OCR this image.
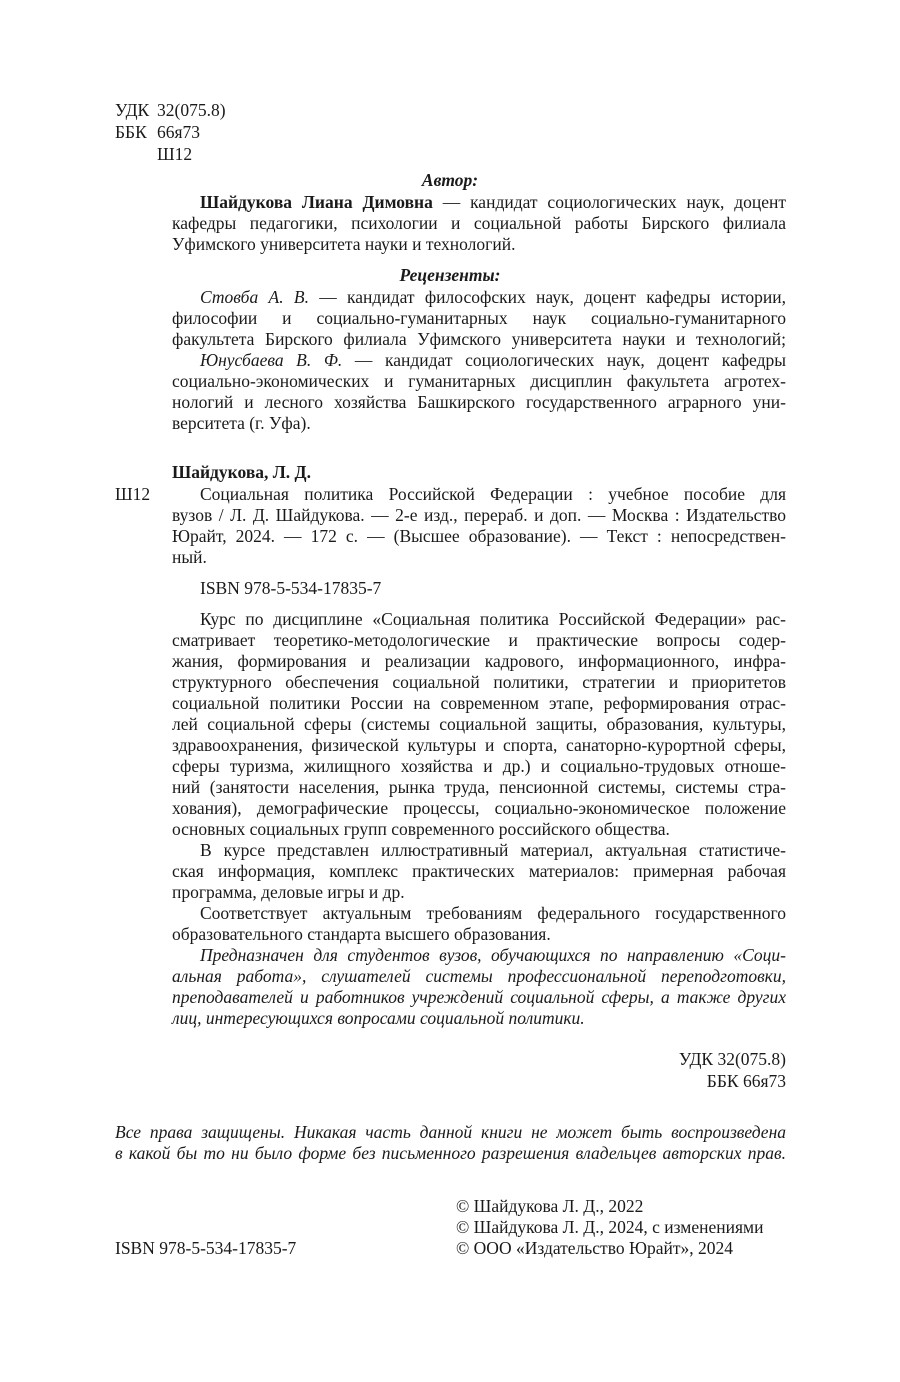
УДК 32(075.8)
ББК 66я73
Ш12
Автор:
Шайдукова Лиана Димовна — кандидат социологических наук, доцент
кафедры педагогики, психологии и социальной работы Бирского филиала
Уфимского университета науки и технологий.
Рецензенты:
Стовба А. В. — кандидат философских наук, доцент кафедры истории,
философии и социально-гуманитарных наук социально-гуманитарного
факультета Бирского филиала Уфимского университета науки и технологий;
Юнусбаева В. Ф. — кандидат социологических наук, доцент кафедры
социально-экономических и гуманитарных дисциплин факультета агротех-
нологий и лесного хозяйства Башкирского государственного аграрного уни-
верситета (г. Уфа).
Шайдукова, Л. Д.
Ш12	Социальная политика Российской Федерации : учебное пособие для
вузов / Л. Д. Шайдукова. — 2-е изд., перераб. и доп. — Москва : Издательство
Юрайт, 2024. — 172 с. — (Высшее образование). — Текст : непосредствен-
ный.
ISBN 978-5-534-17835-7
Курс по дисциплине «Социальная политика Российской Федерации» рас-
сматривает теоретико-методологические и практические вопросы содер-
жания, формирования и реализации кадрового, информационного, инфра-
структурного обеспечения социальной политики, стратегии и приоритетов
социальной политики России на современном этапе, реформирования отрас-
лей социальной сферы (системы социальной защиты, образования, культуры,
здравоохранения, физической культуры и спорта, санаторно-курортной сферы,
сферы туризма, жилищного хозяйства и др.) и социально-трудовых отноше-
ний (занятости населения, рынка труда, пенсионной системы, системы стра-
хования), демографические процессы, социально-экономическое положение
основных социальных групп современного российского общества.
В курсе представлен иллюстративный материал, актуальная статистиче-
ская информация, комплекс практических материалов: примерная рабочая
программа, деловые игры и др.
Соответствует актуальным требованиям федерального государственного
образовательного стандарта высшего образования.
Предназначен для студентов вузов, обучающихся по направлению «Соци-
альная работа», слушателей системы профессиональной переподготовки,
преподавателей и работников учреждений социальной сферы, а также других
лиц, интересующихся вопросами социальной политики.
УДК 32(075.8)
ББК 66я73
Все права защищены. Никакая часть данной книги не может быть воспроизведена
в какой бы то ни было форме без письменного разрешения владельцев авторских прав.
© Шайдукова Л. Д., 2022
© Шайдукова Л. Д., 2024, с изменениями
© ООО «Издательство Юрайт», 2024
ISBN 978-5-534-17835-7
